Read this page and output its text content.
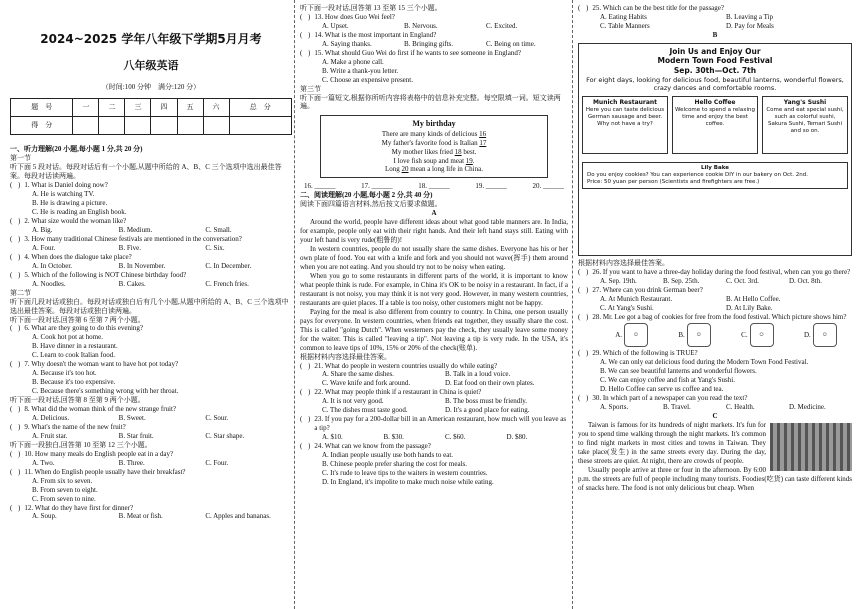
2024~2025 学年八年级下学期5月月考
八年级英语
（时间:100 分钟　满分:120 分）
题　号	一	二	三	四	五	六	总　分
得　分							

一、听力理解(20 小题,每小题 1 分,共 20 分)

第一节

听下面 5 段对话。每段对话后有一个小题,从题中所给的 A、B、C 三个选项中选出最佳答案。每段对话读两遍。

( ) 1. What is Daniel doing now?

A. He is watching TV.

B. He is drawing a picture.

C. He is reading an English book.

( ) 2. What size would the woman like?
A. Big.	B. Medium.	C. Small.
( ) 3. How many traditional Chinese festivals are mentioned in the conversation?
A. Four.	B. Five.	C. Six.
( ) 4. When does the dialogue take place?
A. In October.	B. In November.	C. In December.
( ) 5. Which of the following is NOT Chinese birthday food?
A. Noodles.	B. Cakes.	C. French fries.

第二节

听下面几段对话或独白。每段对话或独白后有几个小题,从题中所给的 A、B、C 三个选项中选出最佳答案。每段对话或独白读两遍。

听下面一段对话,回答第 6 至第 7 两个小题。

( ) 6. What are they going to do this evening?

A. Cook hot pot at home.

B. Have dinner in a restaurant.

C. Learn to cook Italian food.

( ) 7. Why doesn't the woman want to have hot pot today?

A. Because it's too hot.

B. Because it's too expensive.

C. Because there's something wrong with her throat.

听下面一段对话,回答第 8 至第 9 两个小题。

( ) 8. What did the woman think of the new strange fruit?
A. Delicious.	B. Sweet.	C. Sour.
( ) 9. What's the name of the new fruit?
A. Fruit star.	B. Star fruit.	C. Star shape.

听下面一段独白,回答第 10 至第 12 三个小题。

( ) 10. How many meals do English people eat in a day?
A. Two.	B. Three.	C. Four.
( ) 11. When do English people usually have their breakfast?

A. From six to seven.

B. From seven to eight.

C. From seven to nine.

( ) 12. What do they have first for dinner?
A. Soup.	B. Meat or fish.	C. Apples and bananas.

听下面一段对话,回答第 13 至第 15 三个小题。

( ) 13. How does Guo Wei feel?
A. Upset.	B. Nervous.	C. Excited.
( ) 14. What is the most important in England?
A. Saying thanks.	B. Bringing gifts.	C. Being on time.
( ) 15. What should Guo Wei do first if he wants to see someone in England?

A. Make a phone call.

B. Write a thank-you letter.

C. Choose an expensive present.

第三节

听下面一篇短文,根据你所听内容将表格中的信息补充完整。每空限填一词。短文读两遍。

My birthday
There are many kinds of delicious 16
My father's favorite food is Italian 17
My mother likes fried 18 best.
I love fish soup and meat 19.
Long 20 mean a long life in China.
16. ______	17. ______	18. ______	19. ______	20. ______

二、阅读理解(20 小题,每小题 2 分,共 40 分)

阅读下面四篇语言材料,然后按文后要求做题。

A

Around the world, people have different ideas about what good table manners are. In India, for example, people only eat with their right hands. And their left hand stays still. Eating with your left hand is very rude(粗鲁的)!

In western countries, people do not usually share the same dishes. Everyone has his or her own plate of food. You eat with a knife and fork and you should not wave(挥手) them around when you are not eating. And you should try not to be noisy when eating.

When you go to some restaurants in different parts of the world, it is important to know what people think is rude. For example, in China it's OK to be noisy in a restaurant. In fact, if a restaurant is not noisy, you may think it is not very good. However, in many western countries, restaurants are quiet places. If a table is too noisy, other customers might not be happy.

Paying for the meal is also different from country to country. In China, one person usually pays for everyone. In western countries, when friends eat together, they usually share the cost. This is called "going Dutch". When westerners pay the check, they usually leave some money for the waiter. This is called "leaving a tip". Not leaving a tip is very rude. In the USA, it's common to leave tips of 10%, 15% or 20% of the check(账单).

根据材料内容选择最佳答案。

( ) 21. What do people in western countries usually do while eating?
A. Share the same dishes.	B. Talk in a loud voice.
C. Wave knife and fork around.	D. Eat food on their own plates.
( ) 22. What may people think if a restaurant in China is quiet?
A. It is not very good.	B. The boss must be friendly.
C. The dishes must taste good.	D. It's a good place for eating.
( ) 23. If you pay for a 200-dollar bill in an American restaurant, how much will you leave as a tip?
A. $10.	B. $30.	C. $60.	D. $80.
( ) 24. What can we know from the passage?

A. Indian people usually use both hands to eat.

B. Chinese people prefer sharing the cost for meals.

C. It's rude to leave tips to the waiters in western countries.

D. In England, it's impolite to make much noise while eating.

( ) 25. Which can be the best title for the passage?
A. Eating Habits	B. Leaving a Tip
C. Table Manners	D. Pay for Meals

B

Join Us and Enjoy Our
Modern Town Food Festival
Sep. 30th—Oct. 7th
For eight days, looking for delicious food, beautiful lanterns, wonderful flowers, crazy dances and comfortable rooms.
Munich Restaurant
Here you can taste delicious German sausage and beer. Why not have a try?
Hello Coffee
Welcome to spend a relaxing time and enjoy the best coffee.
Yang's Sushi
Come and eat special sushi, such as colorful sushi, Sakura Sushi, Temari Sushi and so on.
Lily Bake
Do you enjoy cookies? You can experience cookie DIY in our bakery on Oct. 2nd.
Price: 50 yuan per person (Scientists and firefighters are free.)

根据材料内容选择最佳答案。

( ) 26. If you want to have a three-day holiday during the food festival, when can you go there?
A. Sep. 19th.	B. Sep. 25th.	C. Oct. 3rd.	D. Oct. 8th.
( ) 27. Where can you drink German beer?
A. At Munich Restaurant.	B. At Hello Coffee.
C. At Yang's Sushi.	D. At Lily Bake.
( ) 28. Mr. Lee got a bag of cookies for free from the food festival. Which picture shows him?
A.	☺	B.	☺	C.	☺	D.	☺
( ) 29. Which of the following is TRUE?

A. We can only eat delicious food during the Modern Town Food Festival.

B. We can see beautiful lanterns and wonderful flowers.

C. We can enjoy coffee and fish at Yang's Sushi.

D. Hello Coffee can serve us coffee and tea.

( ) 30. In which part of a newspaper can you read the text?
A. Sports.	B. Travel.	C. Health.	D. Medicine.

C

Taiwan is famous for its hundreds of night markets. It's fun for you to spend time walking through the night markets. It's common to find night markets in most cities and towns in Taiwan. They take place(发生) in the same streets every day. During the day, these streets are quiet. At night, there are crowds of people.

Usually people arrive at three or four in the afternoon. By 6:00 p.m. the streets are full of people including many tourists. Foodies(吃货) can taste different kinds of snacks here. The food is not only delicious but cheap. When
